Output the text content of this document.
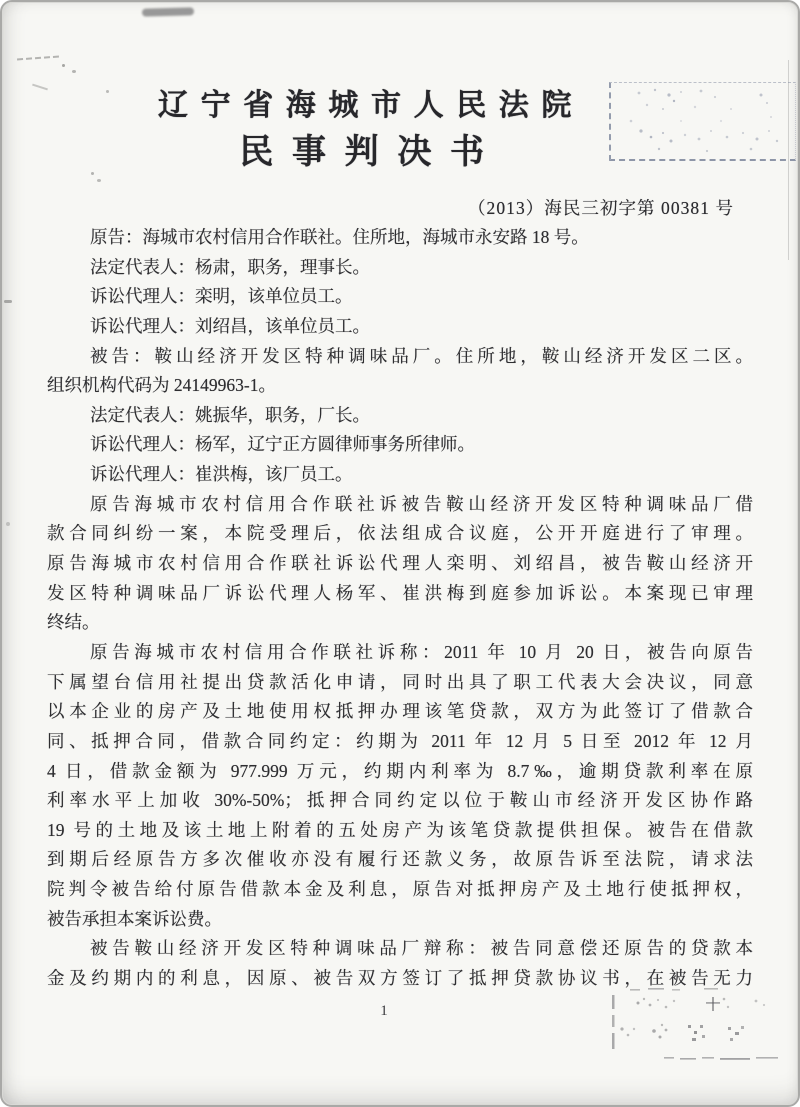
辽宁省海城市人民法院
民事判决书
（2013）海民三初字第 00381 号
原告：海城市农村信用合作联社。住所地，海城市永安路 18 号。
法定代表人：杨肃，职务，理事长。
诉讼代理人：栾明，该单位员工。
诉讼代理人：刘绍昌，该单位员工。
被告：鞍山经济开发区特种调味品厂。住所地，鞍山经济开发区二区。
组织机构代码为 24149963-1。
法定代表人：姚振华，职务，厂长。
诉讼代理人：杨军，辽宁正方圆律师事务所律师。
诉讼代理人：崔洪梅，该厂员工。
原告海城市农村信用合作联社诉被告鞍山经济开发区特种调味品厂借
款合同纠纷一案，本院受理后，依法组成合议庭，公开开庭进行了审理。
原告海城市农村信用合作联社诉讼代理人栾明、刘绍昌，被告鞍山经济开
发区特种调味品厂诉讼代理人杨军、崔洪梅到庭参加诉讼。本案现已审理
终结。
原告海城市农村信用合作联社诉称：2011 年 10 月 20 日，被告向原告
下属望台信用社提出贷款活化申请，同时出具了职工代表大会决议，同意
以本企业的房产及土地使用权抵押办理该笔贷款，双方为此签订了借款合
同、抵押合同，借款合同约定：约期为 2011 年 12 月 5 日至 2012 年 12 月
4 日，借款金额为 977.999 万元，约期内利率为 8.7‰，逾期贷款利率在原
利率水平上加收 30%-50%；抵押合同约定以位于鞍山市经济开发区协作路
19 号的土地及该土地上附着的五处房产为该笔贷款提供担保。被告在借款
到期后经原告方多次催收亦没有履行还款义务，故原告诉至法院，请求法
院判令被告给付原告借款本金及利息，原告对抵押房产及土地行使抵押权，
被告承担本案诉讼费。
被告鞍山经济开发区特种调味品厂辩称：被告同意偿还原告的贷款本
金及约期内的利息，因原、被告双方签订了抵押贷款协议书，在被告无力
1
